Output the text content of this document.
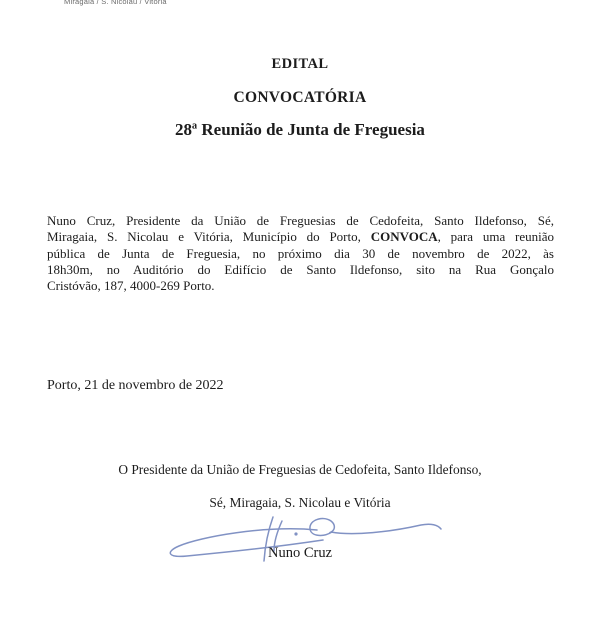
Miragaia / S. Nicolau / Vitória
EDITAL
CONVOCATÓRIA
28ª Reunião de Junta de Freguesia
Nuno Cruz, Presidente da União de Freguesias de Cedofeita, Santo Ildefonso, Sé,
Miragaia, S. Nicolau e Vitória, Município do Porto, CONVOCA, para uma reunião
pública de Junta de Freguesia, no próximo dia 30 de novembro de 2022, às
18h30m, no Auditório do Edifício de Santo Ildefonso, sito na Rua Gonçalo
Cristóvão, 187, 4000-269 Porto.
Porto, 21 de novembro de 2022
O Presidente da União de Freguesias de Cedofeita, Santo Ildefonso,
Sé, Miragaia, S. Nicolau e Vitória
Nuno Cruz
